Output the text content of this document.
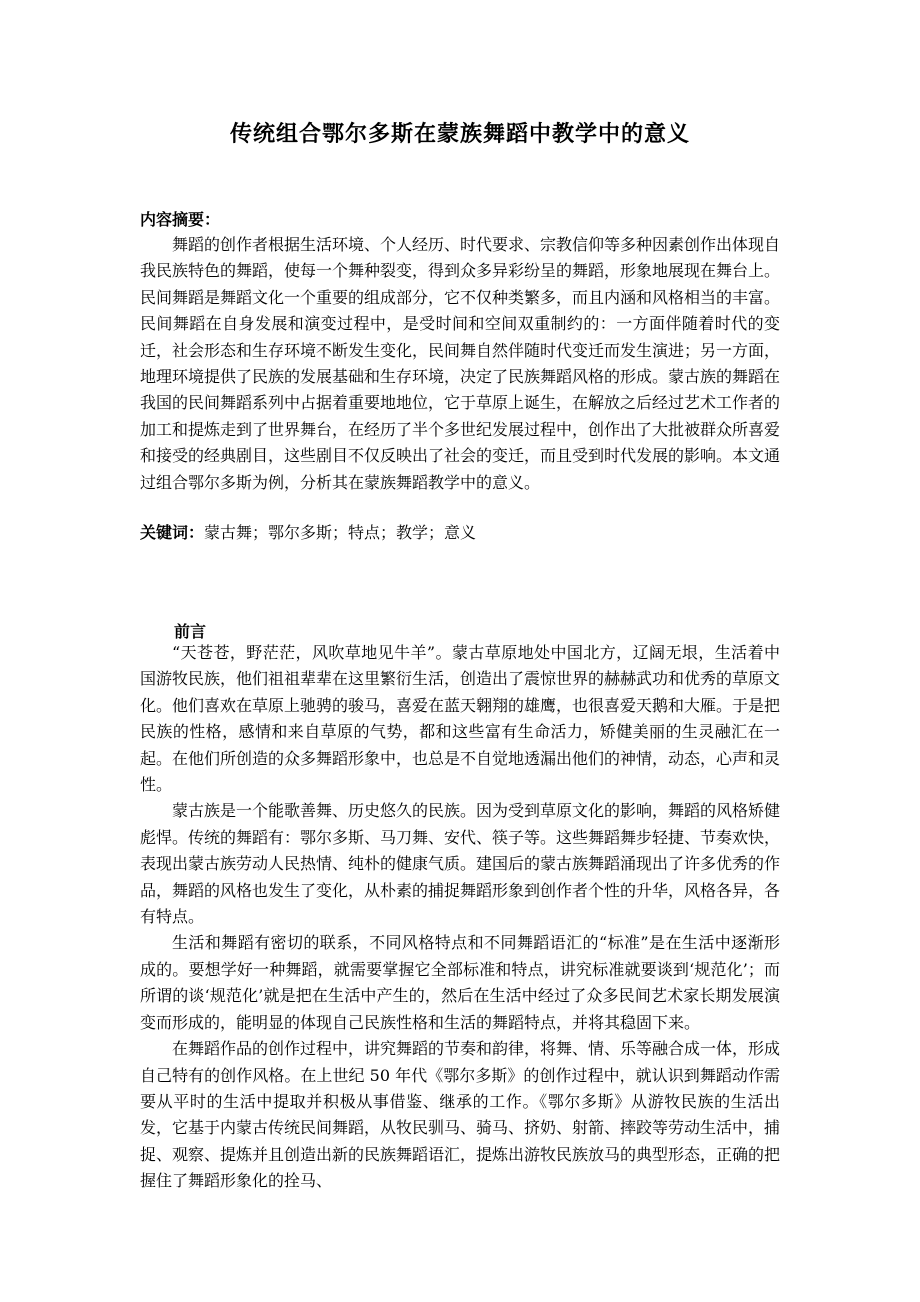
传统组合鄂尔多斯在蒙族舞蹈中教学中的意义
内容摘要：

舞蹈的创作者根据生活环境、个人经历、时代要求、宗教信仰等多种因素创作出体现自我民族特色的舞蹈，使每一个舞种裂变，得到众多异彩纷呈的舞蹈，形象地展现在舞台上。民间舞蹈是舞蹈文化一个重要的组成部分，它不仅种类繁多，而且内涵和风格相当的丰富。民间舞蹈在自身发展和演变过程中，是受时间和空间双重制约的：一方面伴随着时代的变迁，社会形态和生存环境不断发生变化，民间舞自然伴随时代变迁而发生演进；另一方面，地理环境提供了民族的发展基础和生存环境，决定了民族舞蹈风格的形成。蒙古族的舞蹈在我国的民间舞蹈系列中占据着重要地地位，它于草原上诞生，在解放之后经过艺术工作者的加工和提炼走到了世界舞台，在经历了半个多世纪发展过程中，创作出了大批被群众所喜爱和接受的经典剧目，这些剧目不仅反映出了社会的变迁，而且受到时代发展的影响。本文通过组合鄂尔多斯为例，分析其在蒙族舞蹈教学中的意义。

关键词：蒙古舞；鄂尔多斯；特点；教学；意义
前言

“天苍苍，野茫茫，风吹草地见牛羊”。蒙古草原地处中国北方，辽阔无垠，生活着中国游牧民族，他们祖祖辈辈在这里繁衍生活，创造出了震惊世界的赫赫武功和优秀的草原文化。他们喜欢在草原上驰骋的骏马，喜爱在蓝天翱翔的雄鹰，也很喜爱天鹅和大雁。于是把民族的性格，感情和来自草原的气势，都和这些富有生命活力，矫健美丽的生灵融汇在一起。在他们所创造的众多舞蹈形象中，也总是不自觉地透漏出他们的神情，动态，心声和灵性。

蒙古族是一个能歌善舞、历史悠久的民族。因为受到草原文化的影响，舞蹈的风格矫健彪悍。传统的舞蹈有：鄂尔多斯、马刀舞、安代、筷子等。这些舞蹈舞步轻捷、节奏欢快，表现出蒙古族劳动人民热情、纯朴的健康气质。建国后的蒙古族舞蹈涌现出了许多优秀的作品，舞蹈的风格也发生了变化，从朴素的捕捉舞蹈形象到创作者个性的升华，风格各异，各有特点。

生活和舞蹈有密切的联系，不同风格特点和不同舞蹈语汇的“标准”是在生活中逐渐形成的。要想学好一种舞蹈，就需要掌握它全部标准和特点，讲究标准就要谈到‘规范化’；而所谓的谈‘规范化’就是把在生活中产生的，然后在生活中经过了众多民间艺术家长期发展演变而形成的，能明显的体现自己民族性格和生活的舞蹈特点，并将其稳固下来。

在舞蹈作品的创作过程中，讲究舞蹈的节奏和韵律，将舞、情、乐等融合成一体，形成自己特有的创作风格。在上世纪 50 年代《鄂尔多斯》的创作过程中，就认识到舞蹈动作需要从平时的生活中提取并积极从事借鉴、继承的工作。《鄂尔多斯》从游牧民族的生活出发，它基于内蒙古传统民间舞蹈，从牧民驯马、骑马、挤奶、射箭、摔跤等劳动生活中，捕捉、观察、提炼并且创造出新的民族舞蹈语汇，提炼出游牧民族放马的典型形态，正确的把握住了舞蹈形象化的拴马、
